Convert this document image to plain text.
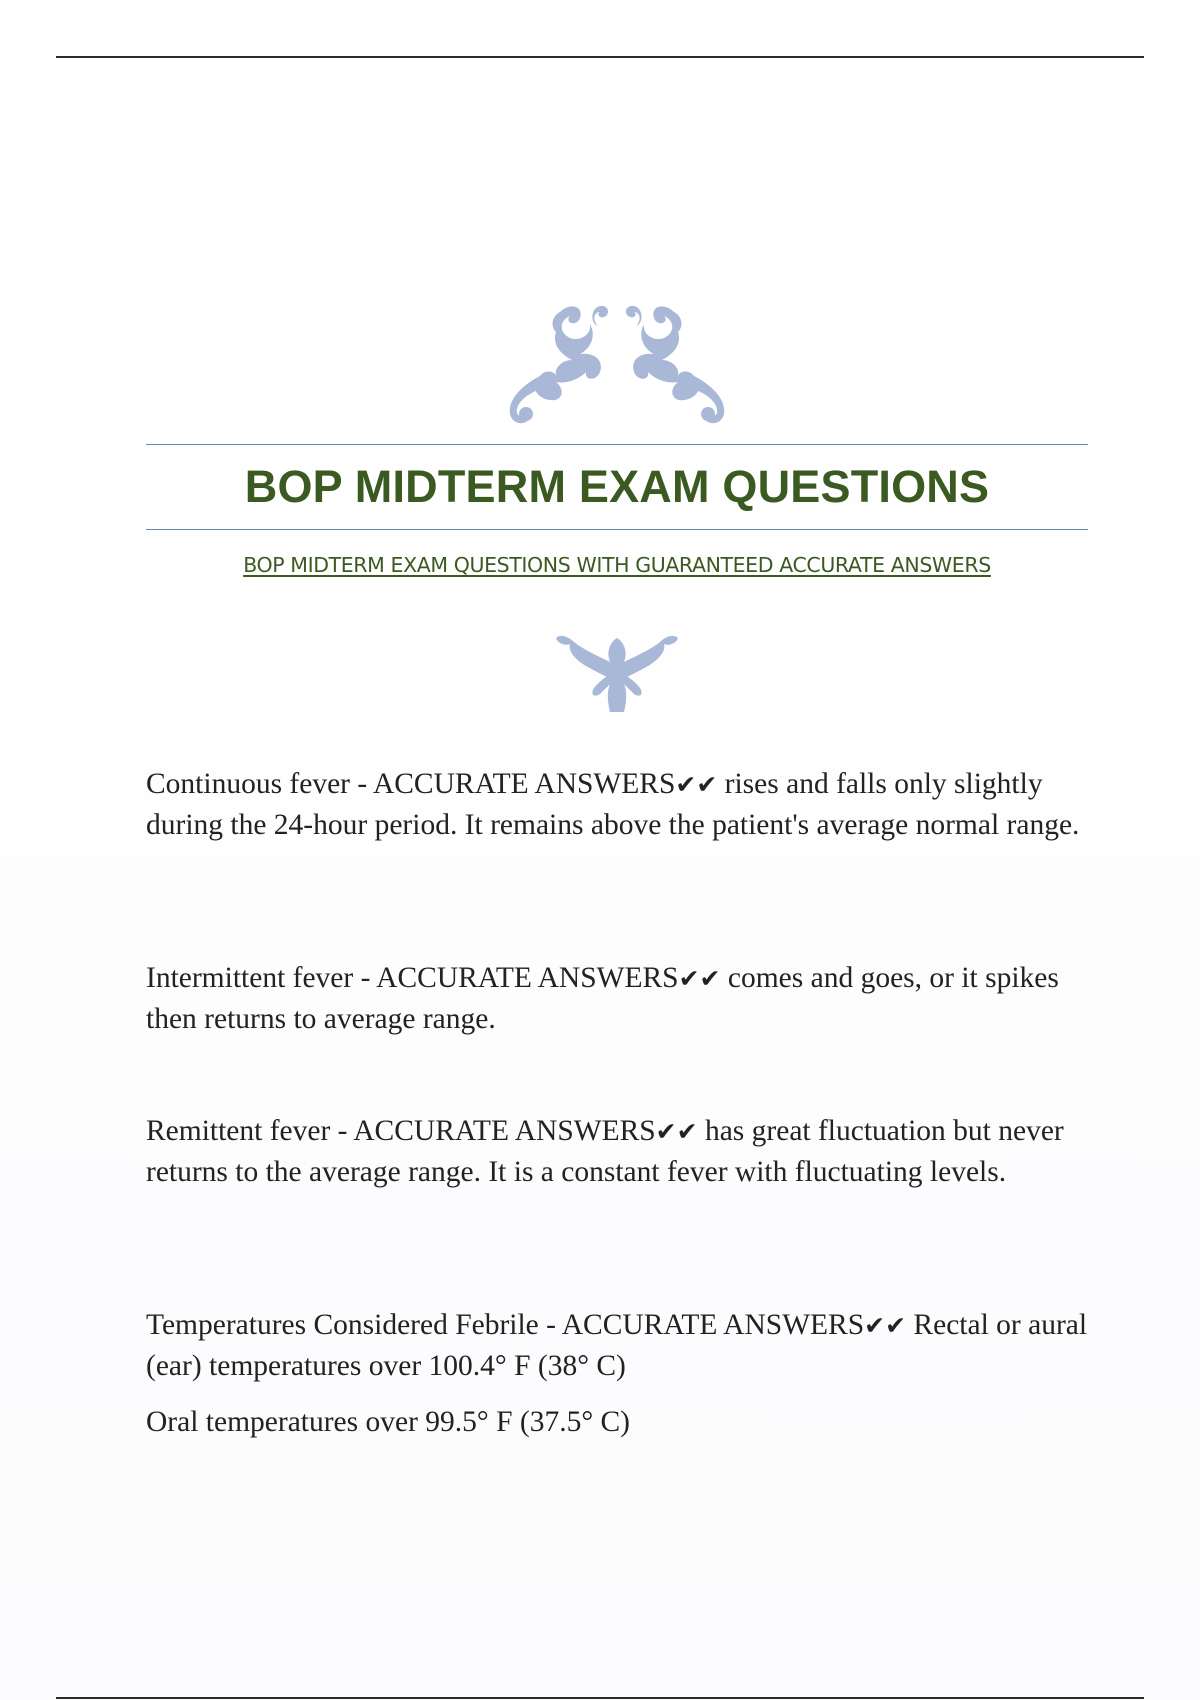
BOP MIDTERM EXAM QUESTIONS
BOP MIDTERM EXAM QUESTIONS WITH GUARANTEED ACCURATE ANSWERS

Continuous fever - ACCURATE ANSWERS✔✔ rises and falls only slightly during the 24-hour period. It remains above the patient's average normal range.

Intermittent fever - ACCURATE ANSWERS✔✔ comes and goes, or it spikes then returns to average range.

Remittent fever - ACCURATE ANSWERS✔✔ has great fluctuation but never returns to the average range. It is a constant fever with fluctuating levels.

Temperatures Considered Febrile - ACCURATE ANSWERS✔✔ Rectal or aural (ear) temperatures over 100.4° F (38° C)

Oral temperatures over 99.5° F (37.5° C)
